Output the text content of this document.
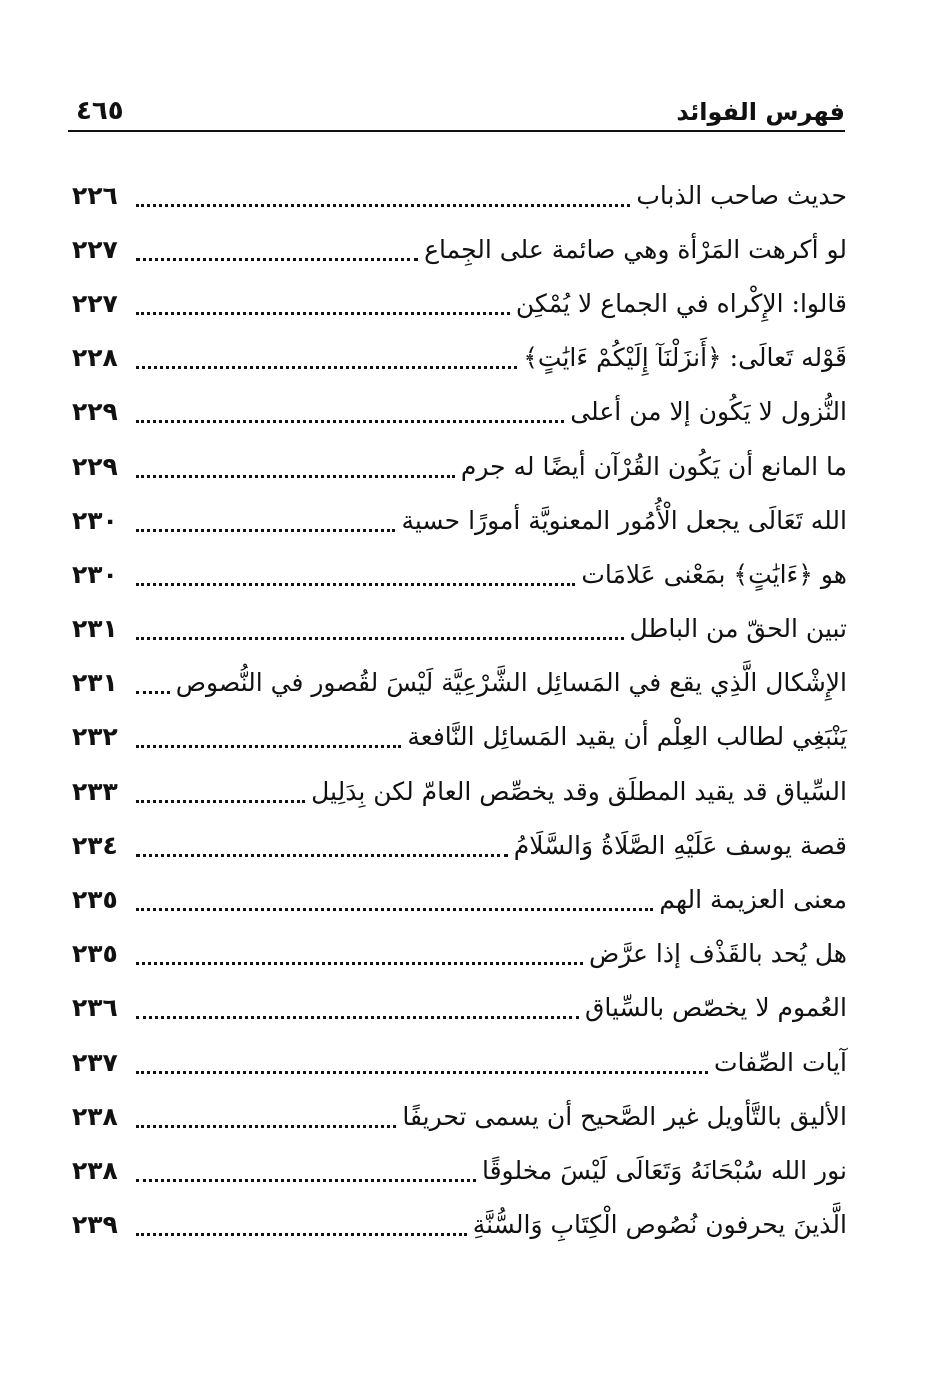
فهرس الفوائد
٤٦٥
حديث صاحب الذباب
٢٢٦
لو أكرهت المَرْأة وهي صائمة على الجِماع
٢٢٧
قالوا: الإِكْراه في الجماع لا يُمْكِن
٢٢٧
قَوْله تَعالَى: ﴿أَنزَلْنَآ إِلَيْكُمْ ءَايَٰتٍ﴾
٢٢٨
النُّزول لا يَكُون إلا من أعلى
٢٢٩
ما المانع أن يَكُون القُرْآن أيضًا له جرم
٢٢٩
الله تَعَالَى يجعل الْأُمُور المعنويَّة أمورًا حسية
٢٣٠
هو ﴿ءَايَٰتٍ﴾ بمَعْنى عَلامَات
٢٣٠
تبين الحقّ من الباطل
٢٣١
الإِشْكال الَّذِي يقع في المَسائِل الشَّرْعِيَّة لَيْسَ لقُصور في النُّصوص
٢٣١
يَنْبَغِي لطالب العِلْم أن يقيد المَسائِل النَّافعة
٢٣٢
السِّياق قد يقيد المطلَق وقد يخصِّص العامّ لكن بِدَلِيل
٢٣٣
قصة يوسف عَلَيْهِ الصَّلَاةُ وَالسَّلَامُ
٢٣٤
معنى العزيمة الهم
٢٣٥
هل يُحد بالقَذْف إذا عرَّض
٢٣٥
العُموم لا يخصّص بالسِّياق
٢٣٦
آيات الصِّفات
٢٣٧
الأليق بالتَّأويل غير الصَّحيح أن يسمى تحريفًا
٢٣٨
نور الله سُبْحَانَهُ وَتَعَالَى لَيْسَ مخلوقًا
٢٣٨
الَّذينَ يحرفون نُصُوص الْكِتَابِ وَالسُّنَّةِ
٢٣٩
